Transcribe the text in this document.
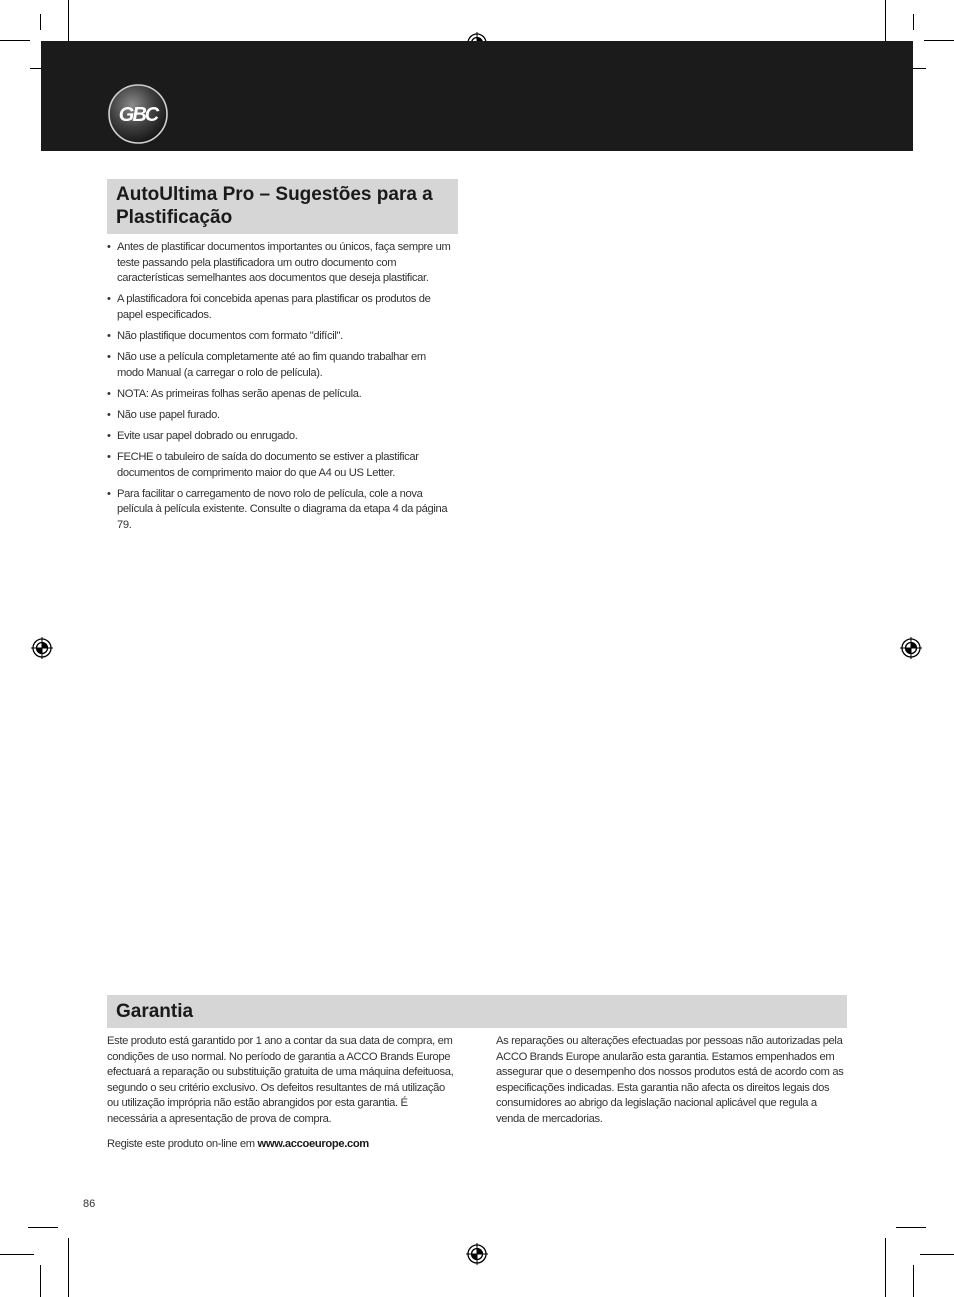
GBC
AutoUltima Pro – Sugestões para a Plastificação
• Antes de plastificar documentos importantes ou únicos, faça sempre um teste passando pela plastificadora um outro documento com características semelhantes aos documentos que deseja plastificar.
• A plastificadora foi concebida apenas para plastificar os produtos de papel especificados.
• Não plastifique documentos com formato "difícil".
• Não use a película completamente até ao fim quando trabalhar em modo Manual (a carregar o rolo de película).
• NOTA: As primeiras folhas serão apenas de película.
• Não use papel furado.
• Evite usar papel dobrado ou enrugado.
• FECHE o tabuleiro de saída do documento se estiver a plastificar documentos de comprimento maior do que A4 ou US Letter.
• Para facilitar o carregamento de novo rolo de película, cole a nova película à película existente. Consulte o diagrama da etapa 4 da página 79.
Garantia

Este produto está garantido por 1 ano a contar da sua data de compra, em condições de uso normal. No período de garantia a ACCO Brands Europe efectuará a reparação ou substituição gratuita de uma máquina defeituosa, segundo o seu critério exclusivo. Os defeitos resultantes de má utilização ou utilização imprópria não estão abrangidos por esta garantia. É necessária a apresentação de prova de compra.

Registe este produto on-line em www.accoeurope.com

As reparações ou alterações efectuadas por pessoas não autorizadas pela ACCO Brands Europe anularão esta garantia. Estamos empenhados em assegurar que o desempenho dos nossos produtos está de acordo com as especificações indicadas. Esta garantia não afecta os direitos legais dos consumidores ao abrigo da legislação nacional aplicável que regula a venda de mercadorias.

86
